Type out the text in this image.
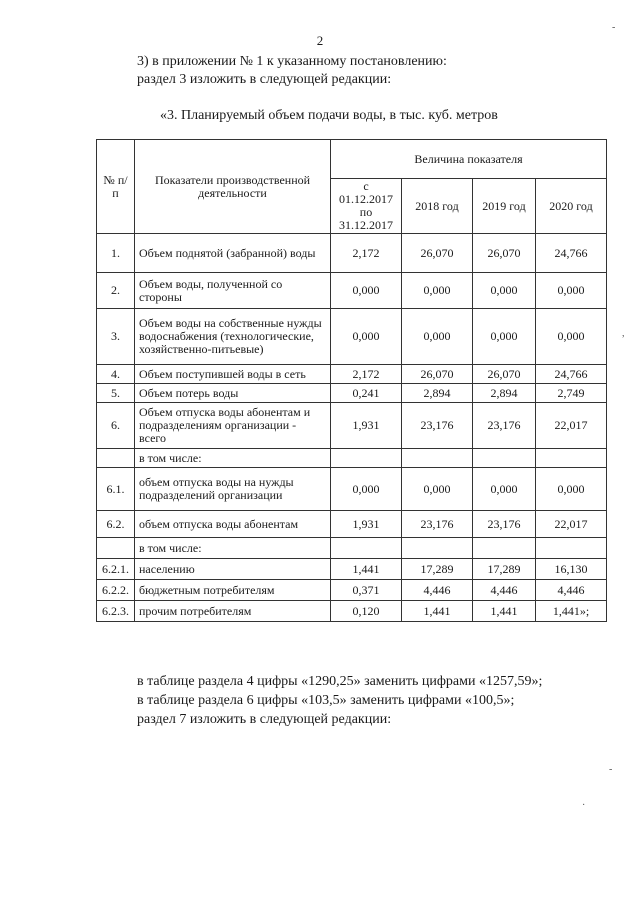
2
3) в приложении № 1 к указанному постановлению:
раздел 3 изложить в следующей редакции:
«3. Планируемый объем подачи воды, в тыс. куб. метров
№ п/п	Показатели производственной деятельности	Величина показателя			
		с 01.12.2017 по 31.12.2017	2018 год	2019 год	2020 год
1.	Объем поднятой (забранной) воды	2,172	26,070	26,070	24,766
2.	Объем воды, полученной со стороны	0,000	0,000	0,000	0,000
3.	Объем воды на собственные нужды водоснабжения (технологические, хозяйственно-питьевые)	0,000	0,000	0,000	0,000
4.	Объем поступившей воды в сеть	2,172	26,070	26,070	24,766
5.	Объем потерь воды	0,241	2,894	2,894	2,749
6.	Объем отпуска воды абонентам и подразделениям организации - всего	1,931	23,176	23,176	22,017
	в том числе:				
6.1.	объем отпуска воды на нужды подразделений организации	0,000	0,000	0,000	0,000
6.2.	объем отпуска воды абонентам	1,931	23,176	23,176	22,017
	в том числе:				
6.2.1.	населению	1,441	17,289	17,289	16,130
6.2.2.	бюджетным потребителям	0,371	4,446	4,446	4,446
6.2.3.	прочим потребителям	0,120	1,441	1,441	1,441»;
в таблице раздела 4 цифры «1290,25» заменить цифрами «1257,59»;
в таблице раздела 6 цифры «103,5» заменить цифрами «100,5»;
раздел 7 изложить в следующей редакции:
-
,
-
·
